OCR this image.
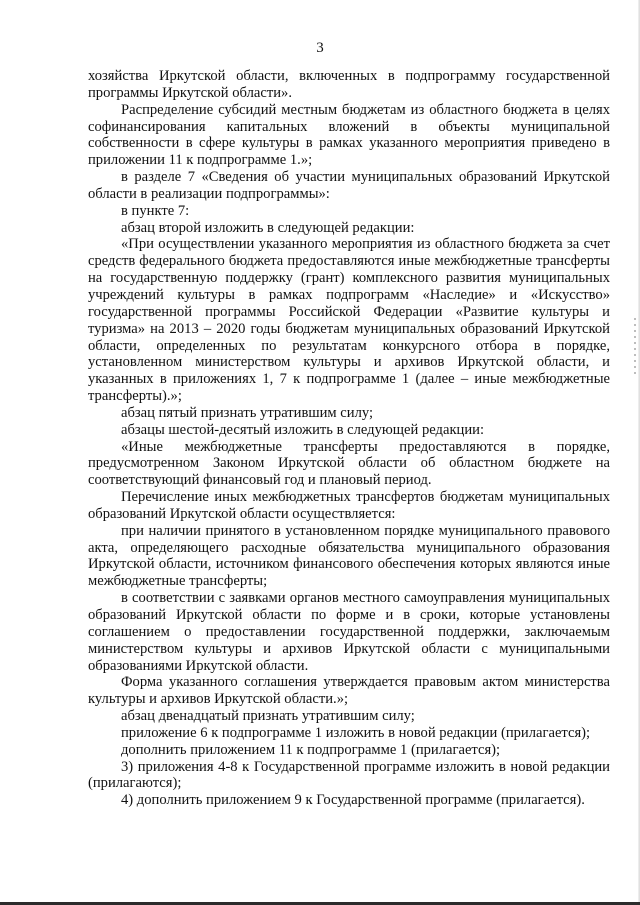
3

хозяйства Иркутской области, включенных в подпрограмму государственной программы Иркутской области».

Распределение субсидий местным бюджетам из областного бюджета в целях софинансирования капитальных вложений в объекты муниципальной собственности в сфере культуры в рамках указанного мероприятия приведено в приложении 11 к подпрограмме 1.»;

в разделе 7 «Сведения об участии муниципальных образований Иркутской области в реализации подпрограммы»:

в пункте 7:

абзац второй изложить в следующей редакции:

«При осуществлении указанного мероприятия из областного бюджета за счет средств федерального бюджета предоставляются иные межбюджетные трансферты на государственную поддержку (грант) комплексного развития муниципальных учреждений культуры в рамках подпрограмм «Наследие» и «Искусство» государственной программы Российской Федерации «Развитие культуры и туризма» на 2013 – 2020 годы бюджетам муниципальных образований Иркутской области, определенных по результатам конкурсного отбора в порядке, установленном министерством культуры и архивов Иркутской области, и указанных в приложениях 1, 7 к подпрограмме 1 (далее – иные межбюджетные трансферты).»;

абзац пятый признать утратившим силу;

абзацы шестой-десятый изложить в следующей редакции:

«Иные межбюджетные трансферты предоставляются в порядке, предусмотренном Законом Иркутской области об областном бюджете на соответствующий финансовый год и плановый период.

Перечисление иных межбюджетных трансфертов бюджетам муниципальных образований Иркутской области осуществляется:

при наличии принятого в установленном порядке муниципального правового акта, определяющего расходные обязательства муниципального образования Иркутской области, источником финансового обеспечения которых являются иные межбюджетные трансферты;

в соответствии с заявками органов местного самоуправления муниципальных образований Иркутской области по форме и в сроки, которые установлены соглашением о предоставлении государственной поддержки, заключаемым министерством культуры и архивов Иркутской области с муниципальными образованиями Иркутской области.

Форма указанного соглашения утверждается правовым актом министерства культуры и архивов Иркутской области.»;

абзац двенадцатый признать утратившим силу;

приложение 6 к подпрограмме 1 изложить в новой редакции (прилагается);

дополнить приложением 11 к подпрограмме 1 (прилагается);

3) приложения 4-8 к Государственной программе изложить в новой редакции (прилагаются);

4) дополнить приложением 9 к Государственной программе (прилагается).
